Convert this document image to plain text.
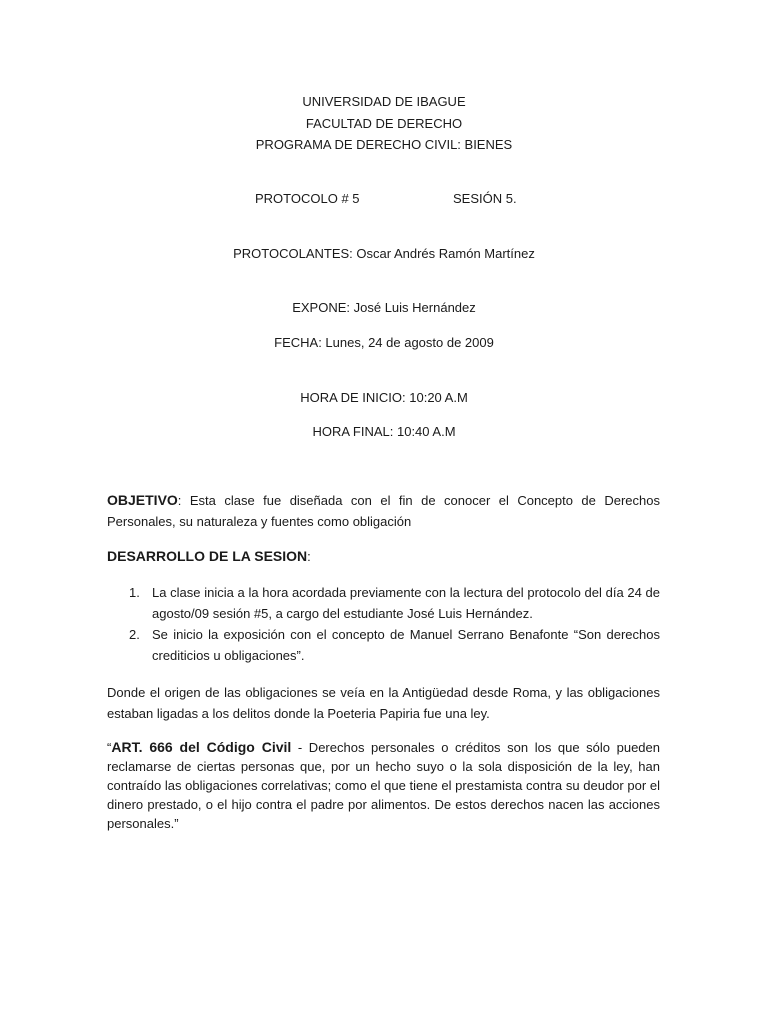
UNIVERSIDAD DE IBAGUE
FACULTAD DE DERECHO
PROGRAMA DE DERECHO CIVIL: BIENES
PROTOCOLO # 5	SESIÓN 5.
PROTOCOLANTES: Oscar Andrés Ramón Martínez
EXPONE: José Luis Hernández
FECHA: Lunes, 24 de agosto de 2009
HORA DE INICIO: 10:20 A.M
HORA FINAL: 10:40 A.M
OBJETIVO: Esta clase fue diseñada con el fin de conocer el Concepto de Derechos Personales, su naturaleza y fuentes como obligación
DESARROLLO DE LA SESION:
1. La clase inicia a la hora acordada previamente con la lectura del protocolo del día 24 de agosto/09 sesión #5, a cargo del estudiante José Luis Hernández.
2. Se inicio la exposición con el concepto de Manuel Serrano Benafonte “Son derechos crediticios u obligaciones”.
Donde el origen de las obligaciones se veía en la Antigüedad desde Roma, y las obligaciones estaban ligadas a los delitos donde la Poeteria Papiria fue una ley.
“ART. 666 del Código Civil - Derechos personales o créditos son los que sólo pueden reclamarse de ciertas personas que, por un hecho suyo o la sola disposición de la ley, han contraído las obligaciones correlativas; como el que tiene el prestamista contra su deudor por el dinero prestado, o el hijo contra el padre por alimentos. De estos derechos nacen las acciones personales.”
